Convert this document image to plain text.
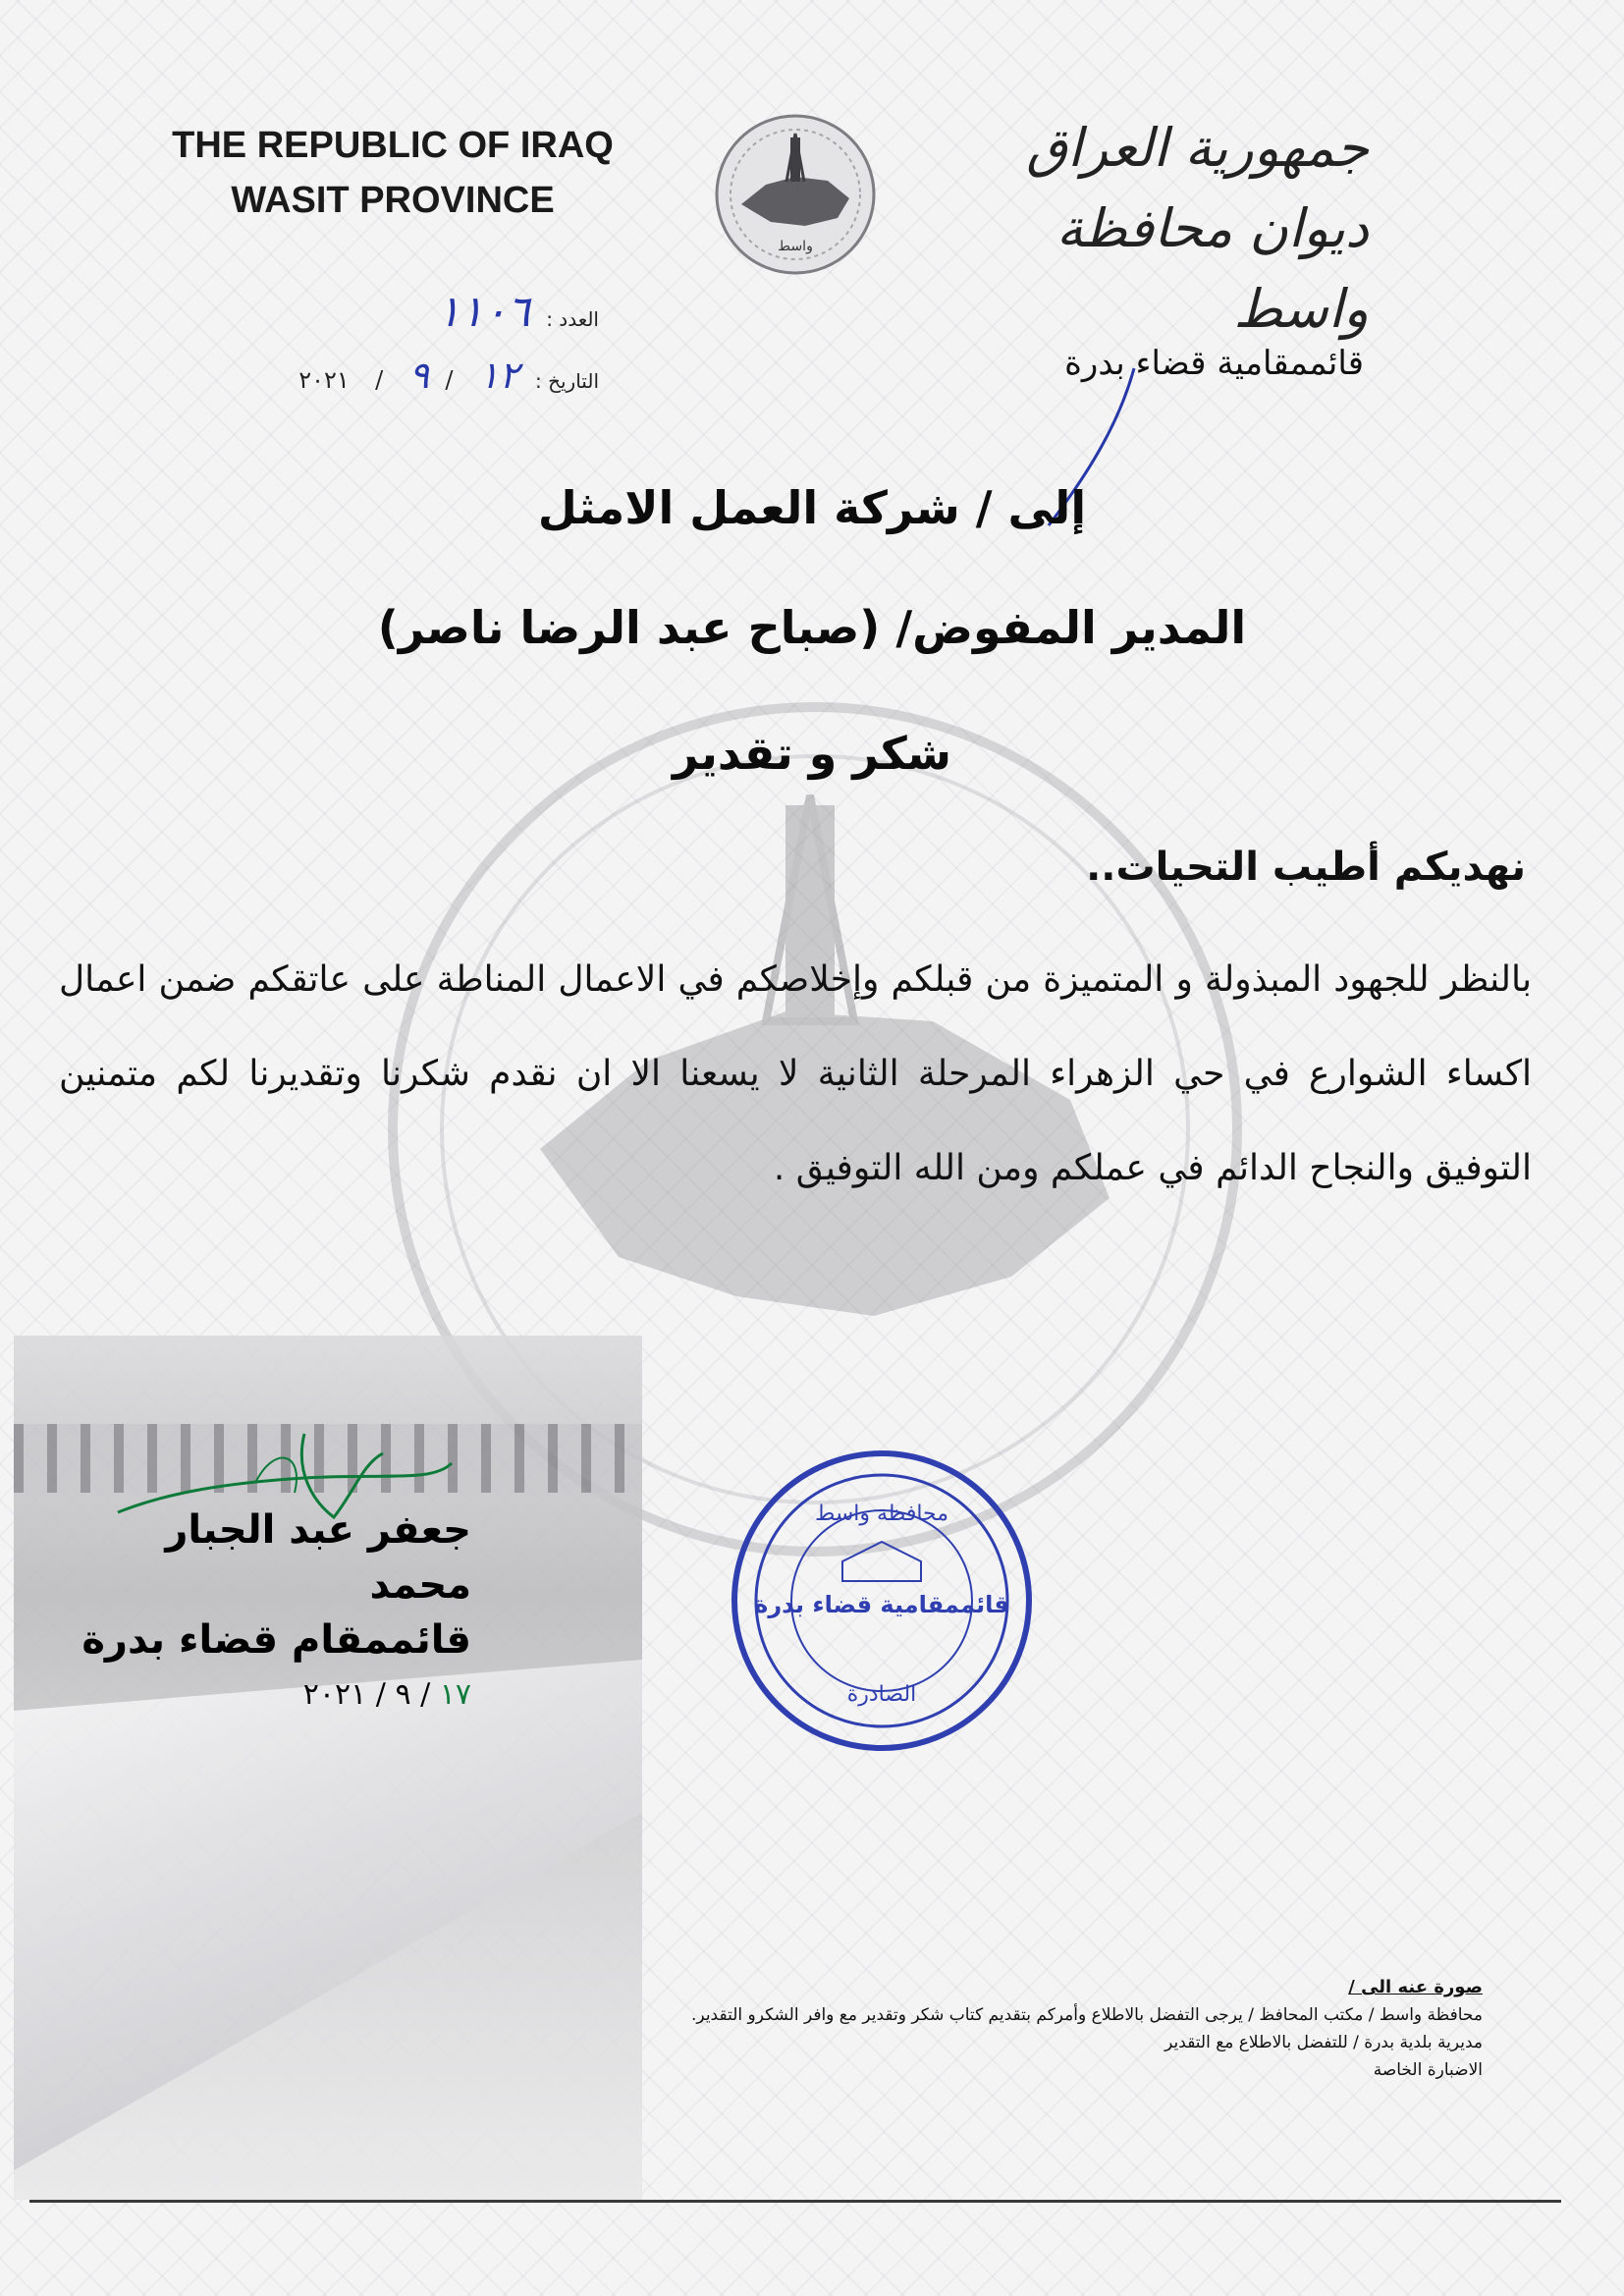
THE REPUBLIC OF IRAQ
WASIT PROVINCE
واسط
جمهورية العراق
ديوان محافظة واسط
العدد : ١١٠٦
التاريخ : ١٢ / ٩ / ٢٠٢١	قائممقامية قضاء بدرة
إلى / شركة العمل الامثل
المدير المفوض/ (صباح عبد الرضا ناصر)
شكر و تقدير
نهديكم أطيب التحيات..
بالنظر للجهود المبذولة و المتميزة من قبلكم وإخلاصكم في الاعمال المناطة على عاتقكم ضمن اعمال اكساء الشوارع في حي الزهراء المرحلة الثانية لا يسعنا الا ان نقدم شكرنا وتقديرنا لكم متمنين التوفيق والنجاح الدائم في عملكم ومن الله التوفيق .
جعفر عبد الجبار محمد
قائممقام قضاء بدرة
١٧ / ٩ / ٢٠٢١
محافظة واسط
قائممقامية قضاء بدرة
الصادرة
صورة عنه الى /
محافظة واسط / مكتب المحافظ / يرجى التفضل بالاطلاع وأمركم بتقديم كتاب شكر وتقدير مع وافر الشكرو التقدير.
مديرية بلدية بدرة / للتفضل بالاطلاع مع التقدير
الاضبارة الخاصة
